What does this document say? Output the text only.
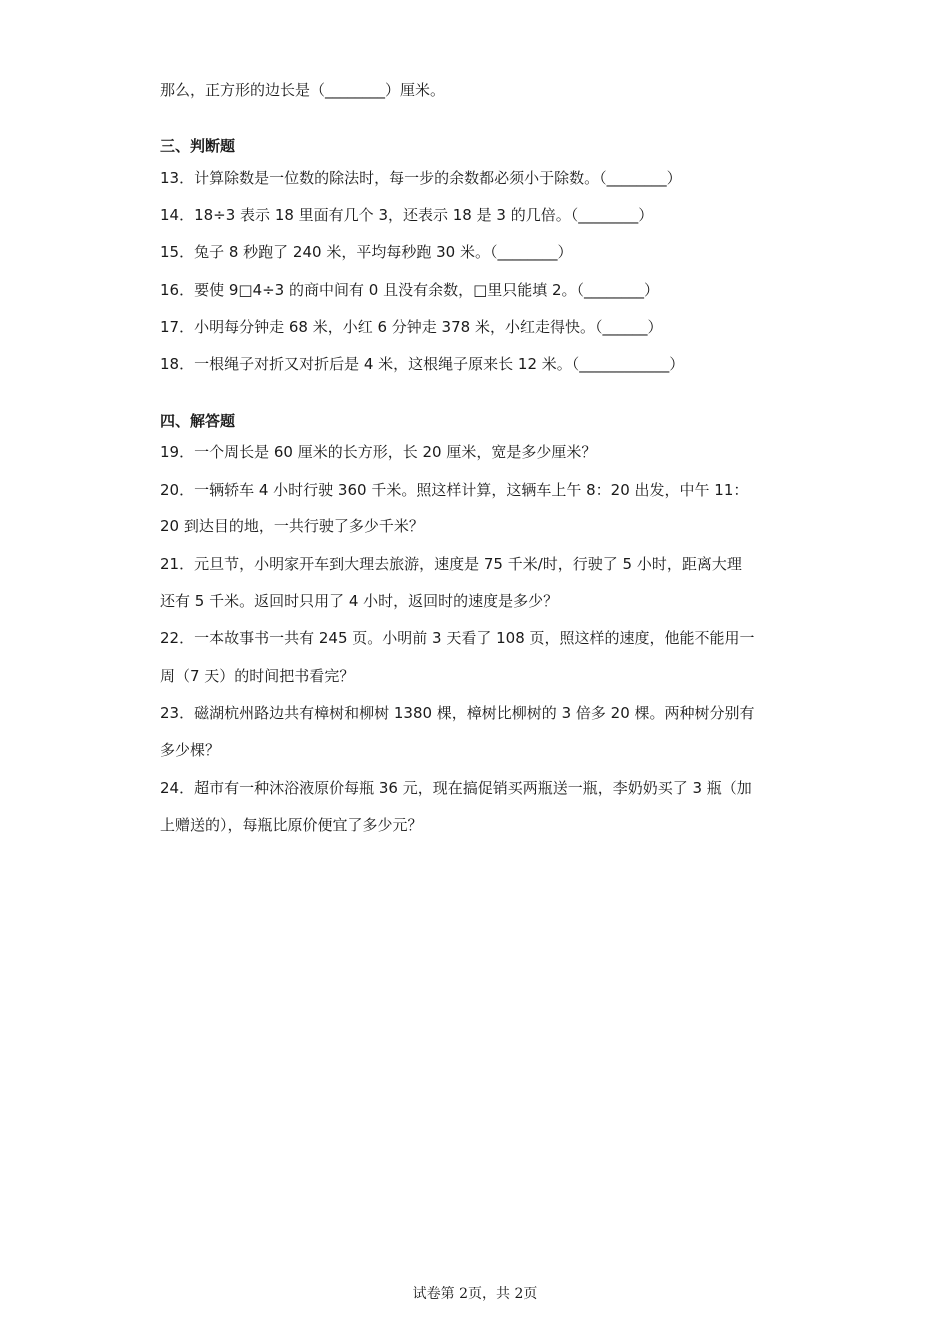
那么，正方形的边长是（________）厘米。
三、判断题
13．计算除数是一位数的除法时，每一步的余数都必须小于除数。（________）
14．18÷3 表示 18 里面有几个 3，还表示 18 是 3 的几倍。（________）
15．兔子 8 秒跑了 240 米，平均每秒跑 30 米。（________）
16．要使 9□4÷3 的商中间有 0 且没有余数，□里只能填 2。（________）
17．小明每分钟走 68 米，小红 6 分钟走 378 米，小红走得快。（______）
18．一根绳子对折又对折后是 4 米，这根绳子原来长 12 米。（____________）
四、解答题
19．一个周长是 60 厘米的长方形，长 20 厘米，宽是多少厘米？
20．一辆轿车 4 小时行驶 360 千米。照这样计算，这辆车上午 8：20 出发，中午 11：
20 到达目的地，一共行驶了多少千米？
21．元旦节，小明家开车到大理去旅游，速度是 75 千米/时，行驶了 5 小时，距离大理
还有 5 千米。返回时只用了 4 小时，返回时的速度是多少？
22．一本故事书一共有 245 页。小明前 3 天看了 108 页，照这样的速度，他能不能用一
周（7 天）的时间把书看完？
23．磁湖杭州路边共有樟树和柳树 1380 棵，樟树比柳树的 3 倍多 20 棵。两种树分别有
多少棵？
24．超市有一种沐浴液原价每瓶 36 元，现在搞促销买两瓶送一瓶，李奶奶买了 3 瓶（加
上赠送的），每瓶比原价便宜了多少元？
试卷第 2页，共 2页
